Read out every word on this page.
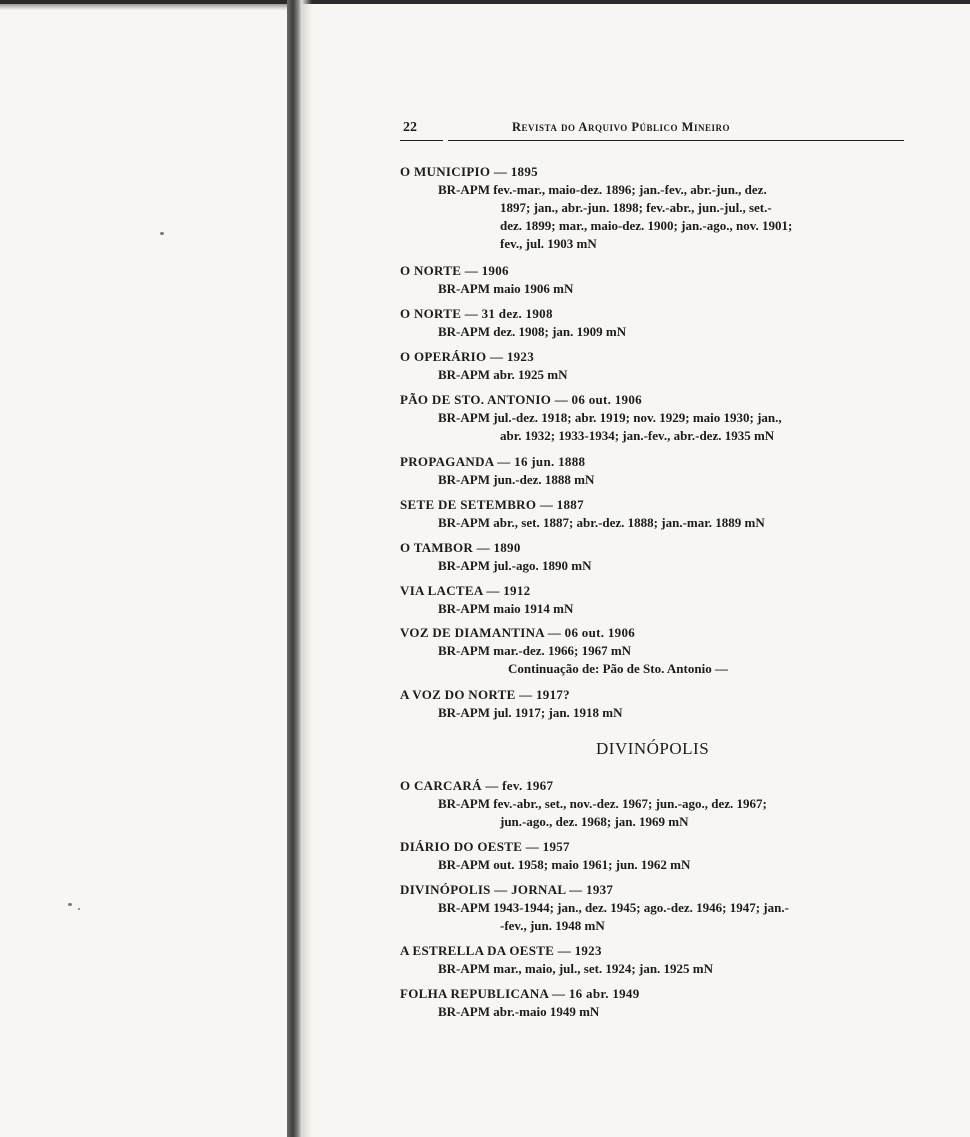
22	Revista do Arquivo Público Mineiro
O MUNICIPIO — 1895
BR-APM fev.-mar., maio-dez. 1896; jan.-fev., abr.-jun., dez.
1897; jan., abr.-jun. 1898; fev.-abr., jun.-jul., set.-
dez. 1899; mar., maio-dez. 1900; jan.-ago., nov. 1901;
fev., jul. 1903 mN
O NORTE — 1906
BR-APM maio 1906 mN
O NORTE — 31 dez. 1908
BR-APM dez. 1908; jan. 1909 mN
O OPERÁRIO — 1923
BR-APM abr. 1925 mN
PÃO DE STO. ANTONIO — 06 out. 1906
BR-APM jul.-dez. 1918; abr. 1919; nov. 1929; maio 1930; jan.,
abr. 1932; 1933-1934; jan.-fev., abr.-dez. 1935 mN
PROPAGANDA — 16 jun. 1888
BR-APM jun.-dez. 1888 mN
SETE DE SETEMBRO — 1887
BR-APM abr., set. 1887; abr.-dez. 1888; jan.-mar. 1889 mN
O TAMBOR — 1890
BR-APM jul.-ago. 1890 mN
VIA LACTEA — 1912
BR-APM maio 1914 mN
VOZ DE DIAMANTINA — 06 out. 1906
BR-APM mar.-dez. 1966; 1967 mN
Continuação de: Pão de Sto. Antonio —
A VOZ DO NORTE — 1917?
BR-APM jul. 1917; jan. 1918 mN
DIVINÓPOLIS
O CARCARÁ — fev. 1967
BR-APM fev.-abr., set., nov.-dez. 1967; jun.-ago., dez. 1967;
jun.-ago., dez. 1968; jan. 1969 mN
DIÁRIO DO OESTE — 1957
BR-APM out. 1958; maio 1961; jun. 1962 mN
DIVINÓPOLIS — JORNAL — 1937
BR-APM 1943-1944; jan., dez. 1945; ago.-dez. 1946; 1947; jan.-
-fev., jun. 1948 mN
A ESTRELLA DA OESTE — 1923
BR-APM mar., maio, jul., set. 1924; jan. 1925 mN
FOLHA REPUBLICANA — 16 abr. 1949
BR-APM abr.-maio 1949 mN
